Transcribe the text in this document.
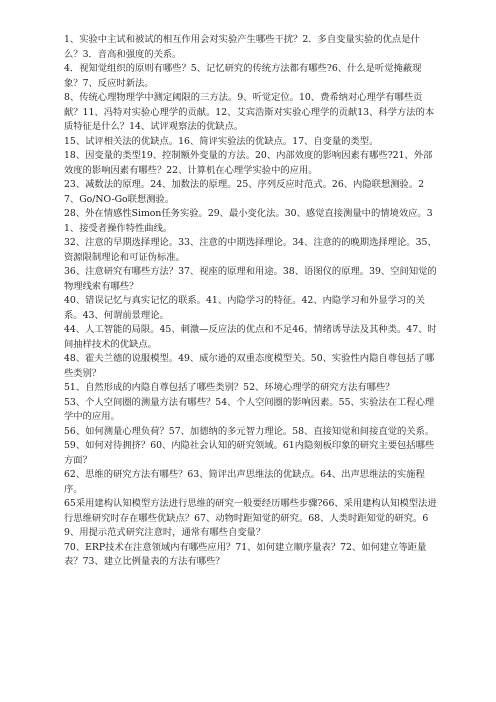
1、实验中主试和被试的相互作用会对实验产生哪些干扰？2．多自变量实验的优点是什么？3．音高和强度的关系。

4．视知觉组织的原则有哪些？5、记忆研究的传统方法都有哪些?6、什么是听觉掩蔽现象？7、反应时新法。

8、传统心理物理学中测定阈限的三方法。9、听觉定位。10、费希纳对心理学有哪些贡献？11、冯特对实验心理学的贡献。12、艾宾浩斯对实验心理学的贡献13、科学方法的本质特征是什么？14、试评观察法的优缺点。

15、试评相关法的优缺点。16、简评实验法的优缺点。17、自变量的类型。

18、因变量的类型19、控制额外变量的方法。20、内部效度的影响因素有哪些?21、外部效度的影响因素有哪些？22、计算机在心理学实验中的应用。

23、减数法的原理。24、加数法的原理。25、序列反应时范式。26、内隐联想测验。27、Go/NO-Go联想测验。

28、外在情感性Simon任务实验。29、最小变化法。30、感觉直接测量中的情境效应。31、接受者操作特性曲线。

32、注意的早期选择理论。33、注意的中期选择理论。34、注意的的晚期选择理论。35、资源限制理论和可证伪标准。

36、注意研究有哪些方法？37、视座的原理和用途。38、语图仪的原理。39、空间知觉的物理线索有哪些？

40、错误记忆与真实记忆的联系。41、内隐学习的特征。42、内隐学习和外显学习的关系。43、何谓前景理论。

44、人工智能的局限。45、刺激—反应法的优点和不足46、情绪诱导法及其种类。47、时间抽样技术的优缺点。

48、霍夫兰德的说服模型。49、威尔逊的双重态度模型关。50、实验性内隐自尊包括了哪些类别？

51、自然形成的内隐自尊包括了哪些类别？52、环境心理学的研究方法有哪些？

53、个人空间圈的测量方法有哪些？54、个人空间圈的影响因素。55、实验法在工程心理学中的应用。

56、如何测量心理负荷？57、加德纳的多元智力理论。58、直接知觉和间接直觉的关系。

59、如何对待拥挤？60、内隐社会认知的研究领域。61内隐刻板印象的研究主要包括哪些方面？

62、思维的研究方法有哪些？63、简评出声思维法的优缺点。64、出声思维法的实施程序。

65采用建构认知模型方法进行思维的研究一般要经历哪些步骤?66、采用建构认知模型法进行思维研究时存在哪些优缺点？67、动物时距知觉的研究。68、人类时距知觉的研究。69、用提示范式研究注意时，通常有哪些自变量？

70、ERP技术在注意领域内有哪些应用？71、如何建立顺序量表？72、如何建立等距量表？73、建立比例量表的方法有哪些？
